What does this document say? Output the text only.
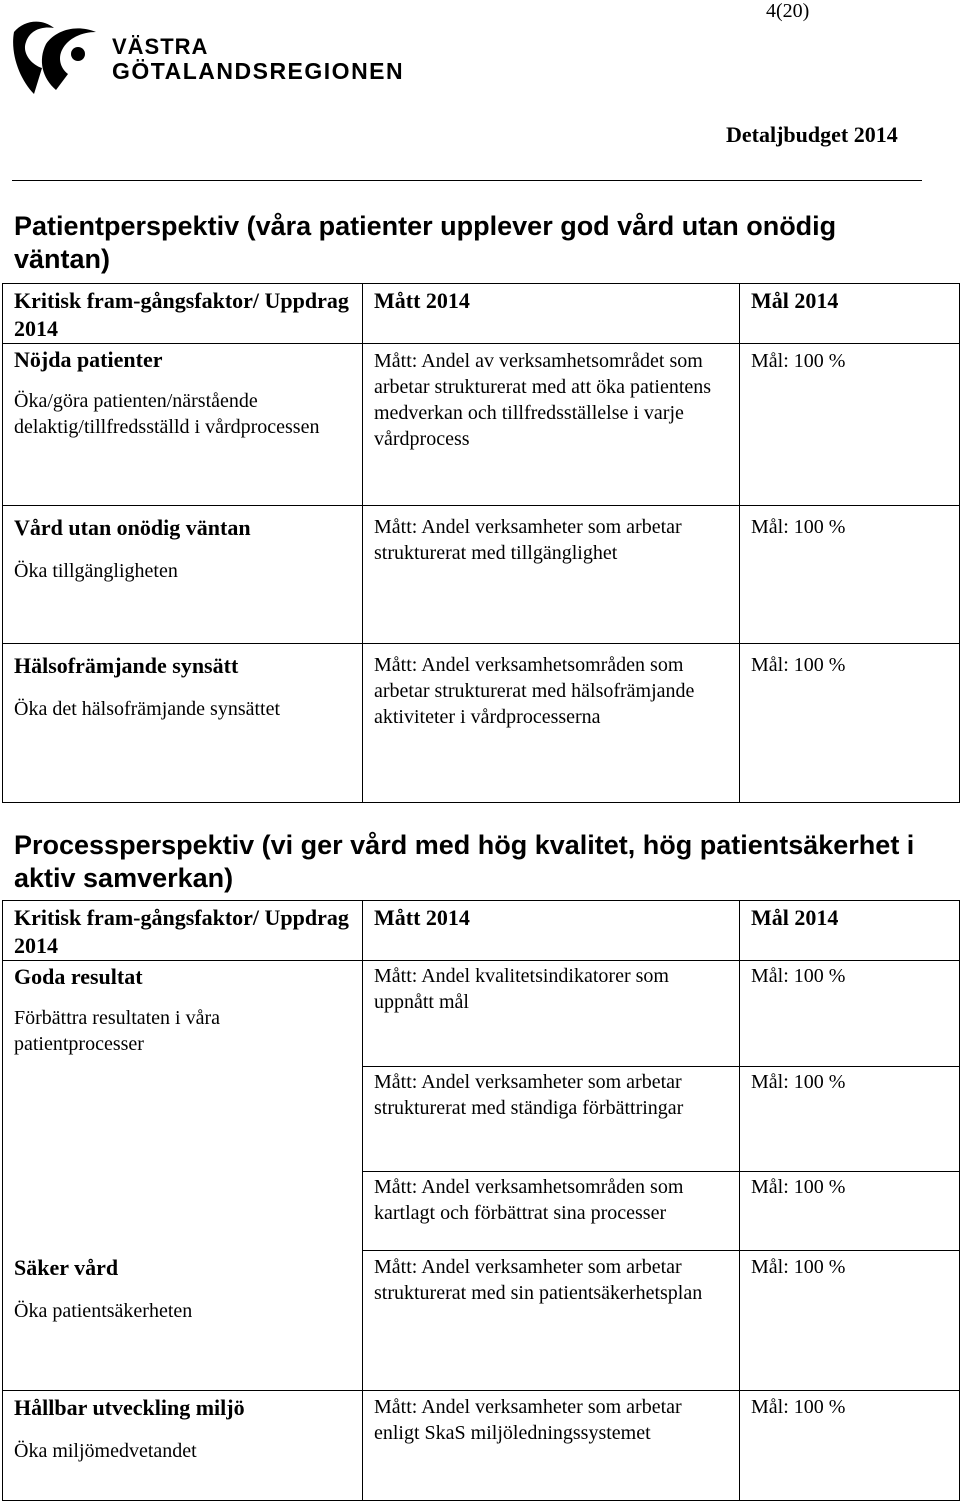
4(20)
VÄSTRA
GÖTALANDSREGIONEN
Detaljbudget 2014
Patientperspektiv (våra patienter upplever god vård utan onödig väntan)
Kritisk fram-gångsfaktor/ Uppdrag 2014	Mått 2014	Mål 2014

Nöjda patienter
Öka/göra patienten/närstående delaktig/tillfredsställd i vårdprocessen	Mått: Andel av verksamhetsområdet som arbetar strukturerat med att öka patientens medverkan och tillfredsställelse i varje vårdprocess	Mål: 100 %

Vård utan onödig väntan
Öka tillgängligheten	Mått: Andel verksamheter som arbetar strukturerat med tillgänglighet	Mål: 100 %

Hälsofrämjande synsätt
Öka det hälsofrämjande synsättet	Mått: Andel verksamhetsområden som arbetar strukturerat med hälsofrämjande aktiviteter i vårdprocesserna	Mål: 100 %
Processperspektiv (vi ger vård med hög kvalitet, hög patientsäkerhet i aktiv samverkan)
Kritisk fram-gångsfaktor/ Uppdrag 2014	Mått 2014	Mål 2014

Goda resultat
Förbättra resultaten i våra patientprocesser	Mått: Andel kvalitetsindikatorer som uppnått mål	Mål: 100 %

	Mått: Andel verksamheter som arbetar strukturerat med ständiga förbättringar	Mål: 100 %

	Mått: Andel verksamhetsområden som kartlagt och förbättrat sina processer	Mål: 100 %

Säker vård
Öka patientsäkerheten	Mått: Andel verksamheter som arbetar strukturerat med sin patientsäkerhetsplan	Mål: 100 %

Hållbar utveckling miljö
Öka miljömedvetandet	Mått: Andel verksamheter som arbetar enligt SkaS miljöledningssystemet	Mål: 100 %
